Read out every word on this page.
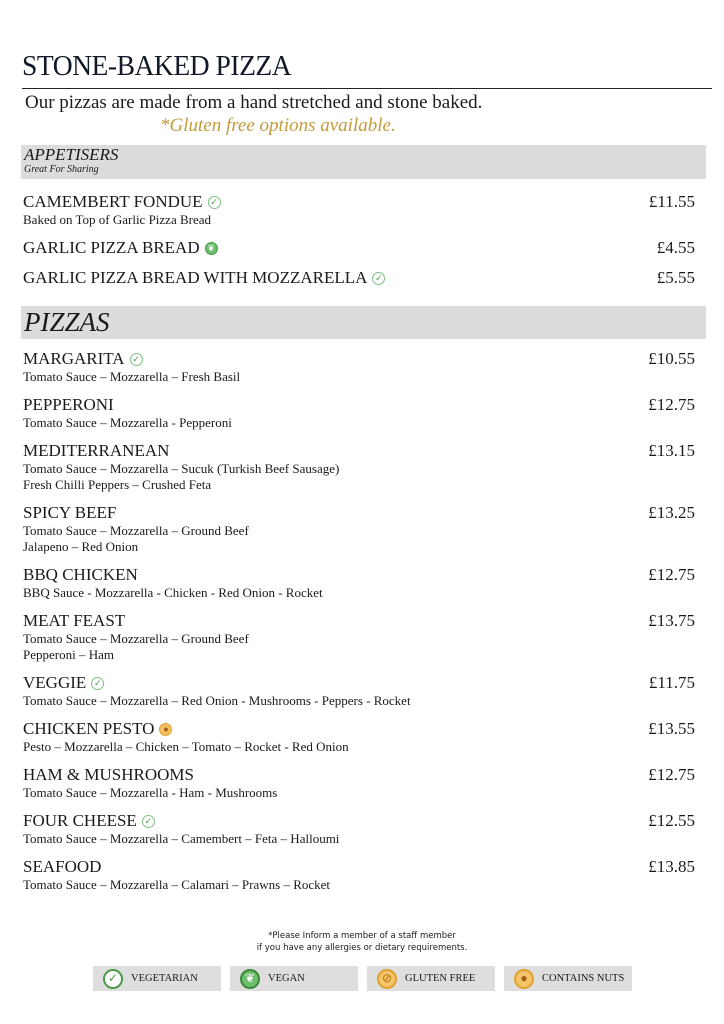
STONE-BAKED PIZZA
Our pizzas are made from a hand stretched and stone baked.
*Gluten free options available.
APPETISERS
Great For Sharing
CAMEMBERT FONDUE ✓
Baked on Top of Garlic Pizza Bread
£11.55
GARLIC PIZZA BREAD ❦	£4.55
GARLIC PIZZA BREAD WITH MOZZARELLA ✓	£5.55
PIZZAS
MARGARITA ✓
Tomato Sauce – Mozzarella – Fresh Basil
£10.55
PEPPERONI
Tomato Sauce – Mozzarella - Pepperoni
£12.75
MEDITERRANEAN
Tomato Sauce – Mozzarella – Sucuk (Turkish Beef Sausage)
Fresh Chilli Peppers – Crushed Feta
£13.15
SPICY BEEF
Tomato Sauce – Mozzarella – Ground Beef
Jalapeno – Red Onion
£13.25
BBQ CHICKEN
BBQ Sauce - Mozzarella - Chicken - Red Onion - Rocket
£12.75
MEAT FEAST
Tomato Sauce – Mozzarella – Ground Beef
Pepperoni – Ham
£13.75
VEGGIE ✓
Tomato Sauce – Mozzarella – Red Onion - Mushrooms - Peppers - Rocket
£11.75
CHICKEN PESTO ●
Pesto – Mozzarella – Chicken – Tomato – Rocket - Red Onion
£13.55
HAM & MUSHROOMS
Tomato Sauce – Mozzarella - Ham - Mushrooms
£12.75
FOUR CHEESE ✓
Tomato Sauce – Mozzarella – Camembert – Feta – Halloumi
£12.55
SEAFOOD
Tomato Sauce – Mozzarella – Calamari – Prawns – Rocket
£13.85
*Please Inform a member of a staff member
if you have any allergies or dietary requirements.
✓	VEGETARIAN	❦	VEGAN	⊘	GLUTEN FREE	●	CONTAINS NUTS
